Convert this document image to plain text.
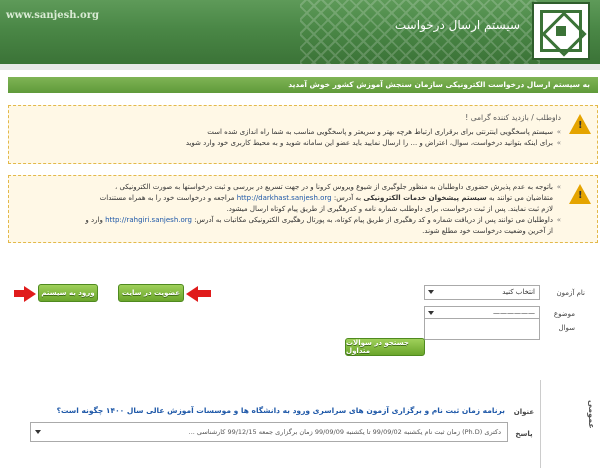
www.sanjesh.org
سیستم ارسال درخواست
به سیستم ارسال درخواست الکترونیکی سازمان سنجش آموزش کشور خوش آمدید
!
داوطلب / بازدید کننده گرامی !
» سیستم پاسخگویی اینترنتی برای برقراری ارتباط هرچه بهتر و سریعتر و پاسخگویی مناسب به شما راه اندازی شده است
» برای اینکه بتوانید درخواست، سوال، اعتراض و ... را ارسال نمایید باید عضو این سامانه شوید و به محیط کاربری خود وارد شوید
!
» باتوجه به عدم پذیرش حضوری داوطلبان به منظور جلوگیری از شیوع ویروس کرونا و در جهت تسریع در بررسی و ثبت درخواستها به صورت الکترونیکی ،
متقاضیان می توانند به سیستم پیشخوان خدمات الکترونیکی به آدرس: http://darkhast.sanjesh.org مراجعه و درخواست خود را به همراه مستندات
لازم ثبت نمایند. پس از ثبت درخواست، برای داوطلب شماره نامه و کدرهگیری از طریق پیام کوتاه ارسال میشود.
» داوطلبان می توانند پس از دریافت شماره و کد رهگیری از طریق پیام کوتاه، به پورتال رهگیری الکترونیکی مکاتبات به آدرس: http://rahgiri.sanjesh.org وارد و
از آخرین وضعیت درخواست خود مطلع شوند.
ورود به سیستم	عضویت در سایت	نام آزمون
انتخاب کنید
موضوع
——————
سوال
جستجو در سوالات متداول
عمومی
عنوان
برنامه زمان ثبت نام و برگزاری آزمون های سراسری ورود به دانشگاه ها و موسسات آموزش عالی سال ۱۴۰۰ چگونه است؟
پاسخ
دکتری (Ph.D) زمان ثبت نام یکشنبه 99/09/02 تا یکشنبه 99/09/09 زمان برگزاری جمعه 99/12/15 کارشناسی ...
